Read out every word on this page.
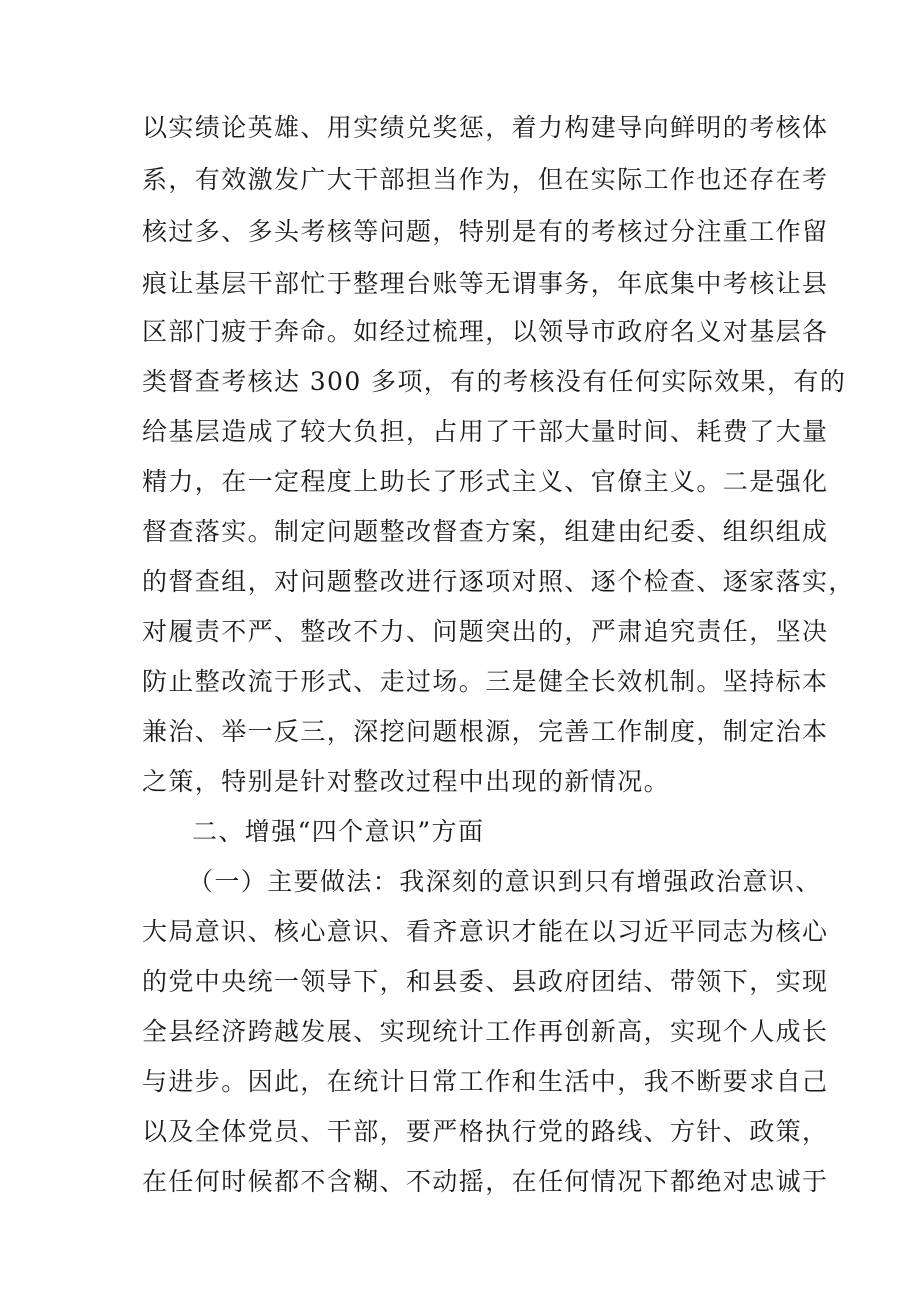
以实绩论英雄、用实绩兑奖惩，着力构建导向鲜明的考核体
系，有效激发广大干部担当作为，但在实际工作也还存在考
核过多、多头考核等问题，特别是有的考核过分注重工作留
痕让基层干部忙于整理台账等无谓事务，年底集中考核让县
区部门疲于奔命。如经过梳理，以领导市政府名义对基层各
类督查考核达 300 多项，有的考核没有任何实际效果，有的
给基层造成了较大负担，占用了干部大量时间、耗费了大量
精力，在一定程度上助长了形式主义、官僚主义。二是强化
督查落实。制定问题整改督查方案，组建由纪委、组织组成
的督查组，对问题整改进行逐项对照、逐个检查、逐家落实，
对履责不严、整改不力、问题突出的，严肃追究责任，坚决
防止整改流于形式、走过场。三是健全长效机制。坚持标本
兼治、举一反三，深挖问题根源，完善工作制度，制定治本
之策，特别是针对整改过程中出现的新情况。
二、增强“四个意识”方面
（一）主要做法：我深刻的意识到只有增强政治意识、
大局意识、核心意识、看齐意识才能在以习近平同志为核心
的党中央统一领导下，和县委、县政府团结、带领下，实现
全县经济跨越发展、实现统计工作再创新高，实现个人成长
与进步。因此，在统计日常工作和生活中，我不断要求自己
以及全体党员、干部，要严格执行党的路线、方针、政策，
在任何时候都不含糊、不动摇，在任何情况下都绝对忠诚于
